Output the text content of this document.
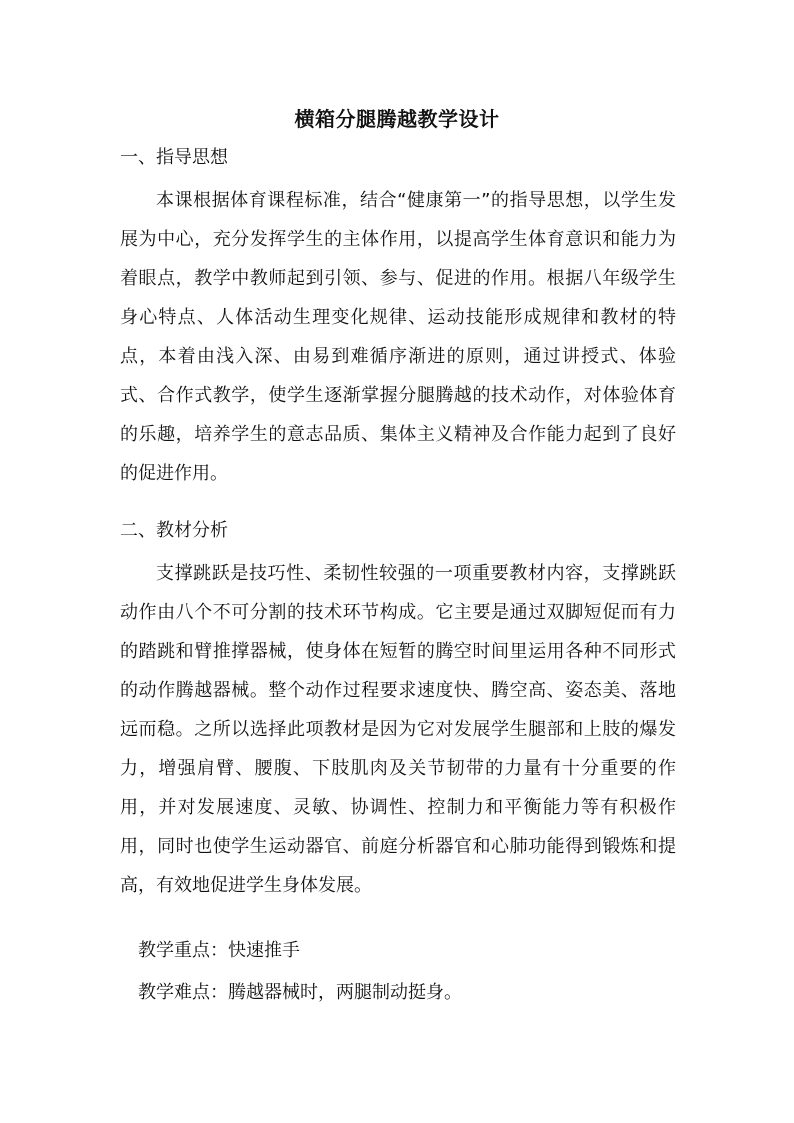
横箱分腿腾越教学设计
一、指导思想

本课根据体育课程标准，结合“健康第一”的指导思想，以学生发展为中心，充分发挥学生的主体作用，以提高学生体育意识和能力为着眼点，教学中教师起到引领、参与、促进的作用。根据八年级学生身心特点、人体活动生理变化规律、运动技能形成规律和教材的特点，本着由浅入深、由易到难循序渐进的原则，通过讲授式、体验式、合作式教学，使学生逐渐掌握分腿腾越的技术动作，对体验体育的乐趣，培养学生的意志品质、集体主义精神及合作能力起到了良好的促进作用。

二、教材分析

支撑跳跃是技巧性、柔韧性较强的一项重要教材内容，支撑跳跃动作由八个不可分割的技术环节构成。它主要是通过双脚短促而有力的踏跳和臂推撑器械，使身体在短暂的腾空时间里运用各种不同形式的动作腾越器械。整个动作过程要求速度快、腾空高、姿态美、落地远而稳。之所以选择此项教材是因为它对发展学生腿部和上肢的爆发力，增强肩臂、腰腹、下肢肌肉及关节韧带的力量有十分重要的作用，并对发展速度、灵敏、协调性、控制力和平衡能力等有积极作用，同时也使学生运动器官、前庭分析器官和心肺功能得到锻炼和提高，有效地促进学生身体发展。

教学重点：快速推手
教学难点：腾越器械时，两腿制动挺身。
